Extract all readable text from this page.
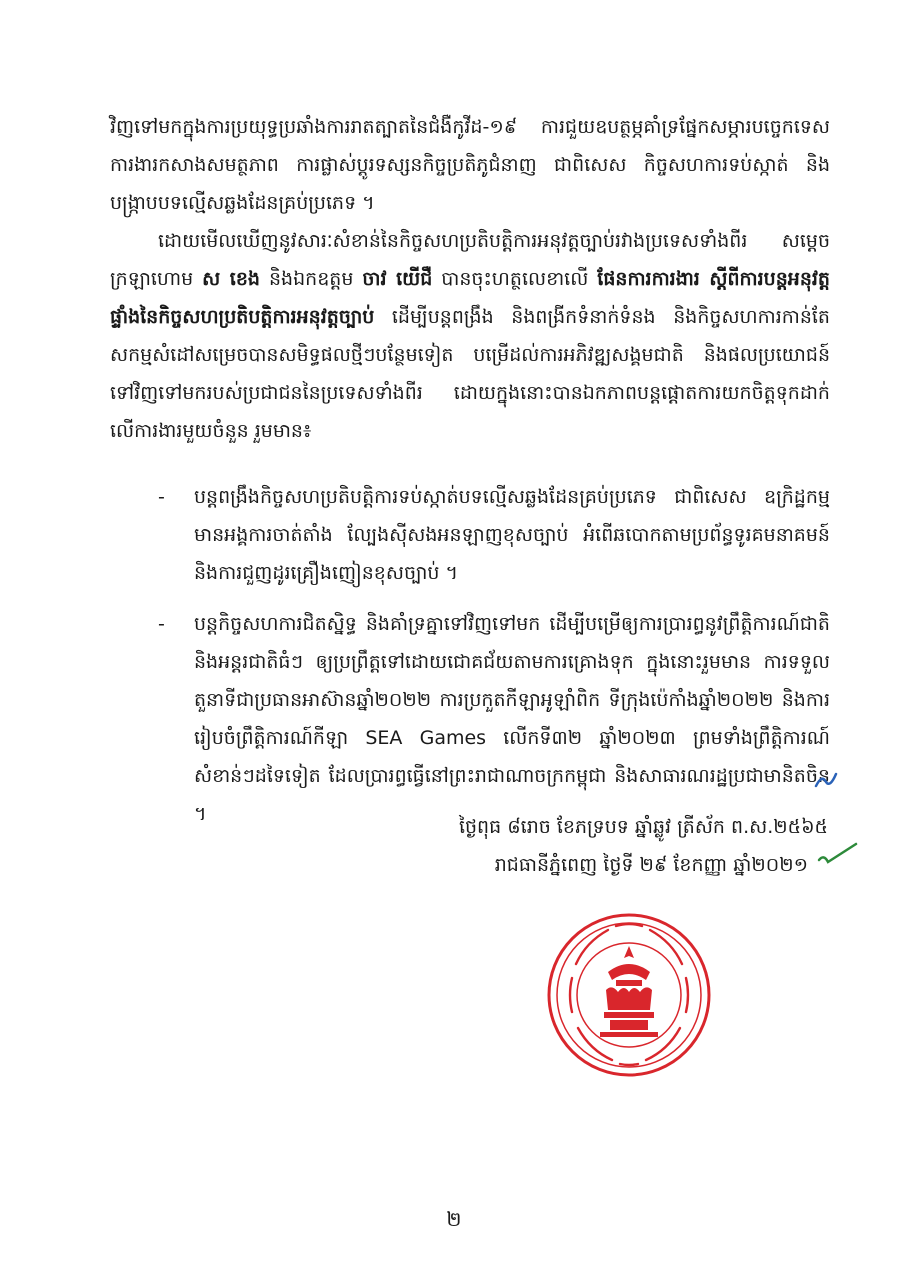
វិញទៅមកក្នុងការប្រយុទ្ធប្រឆាំងការរាតត្បាតនៃជំងឺកូវីដ-១៩ ការជួយឧបត្ថម្ភគាំទ្រផ្នែកសម្ភារបច្ចេកទេស ការងារកសាងសមត្ថភាព ការផ្លាស់ប្តូរទស្សនកិច្ចប្រតិភូជំនាញ ជាពិសេស កិច្ចសហការទប់ស្កាត់ និងបង្ក្រាបបទល្មើសឆ្លងដែនគ្រប់ប្រភេទ ។

ដោយមើលឃើញនូវសារៈសំខាន់នៃកិច្ចសហប្រតិបត្តិការអនុវត្តច្បាប់រវាងប្រទេសទាំងពីរ សម្តេចក្រឡាហោម ស ខេង និងឯកឧត្តម ចាវ យើជឺ បានចុះហត្ថលេខាលើ ផែនការការងារ ស្តីពីការបន្តអនុវត្តផ្ទាំងនៃកិច្ចសហប្រតិបត្តិការអនុវត្តច្បាប់ ដើម្បីបន្តពង្រឹង និងពង្រីកទំនាក់ទំនង និងកិច្ចសហការកាន់តែសកម្មសំដៅសម្រេចបានសមិទ្ធផលថ្មីៗបន្ថែមទៀត បម្រើដល់ការអភិវឌ្ឍសង្គមជាតិ និងផលប្រយោជន៍ទៅវិញទៅមករបស់ប្រជាជននៃប្រទេសទាំងពីរ ដោយក្នុងនោះបានឯកភាពបន្តផ្តោតការយកចិត្តទុកដាក់លើការងារមួយចំនួន រួមមាន៖

-	បន្តពង្រឹងកិច្ចសហប្រតិបត្តិការទប់ស្កាត់បទល្មើសឆ្លងដែនគ្រប់ប្រភេទ ជាពិសេស ឧក្រិដ្ឋកម្មមានអង្គការចាត់តាំង ល្បែងស៊ីសងអនឡាញខុសច្បាប់ អំពើឆបោកតាមប្រព័ន្ធទូរគមនាគមន៍ និងការជួញដូរគ្រឿងញៀនខុសច្បាប់ ។
-	បន្តកិច្ចសហការជិតស្និទ្ធ និងគាំទ្រគ្នាទៅវិញទៅមក ដើម្បីបម្រើឲ្យការប្រារព្ធនូវព្រឹត្តិការណ៍ជាតិ និងអន្តរជាតិធំៗ ឲ្យប្រព្រឹត្តទៅដោយជោគជ័យតាមការគ្រោងទុក ក្នុងនោះរួមមាន ការទទួលតួនាទីជាប្រធានអាស៊ានឆ្នាំ២០២២ ការប្រកួតកីឡាអូឡាំពិក ទីក្រុងប៉េកាំងឆ្នាំ២០២២ និងការរៀបចំព្រឹត្តិការណ៍កីឡា SEA Games លើកទី៣២ ឆ្នាំ២០២៣ ព្រមទាំងព្រឹត្តិការណ៍សំខាន់ៗដទៃទៀត ដែលប្រារព្ធធ្វើនៅព្រះរាជាណាចក្រកម្ពុជា និងសាធារណរដ្ឋប្រជាមានិតចិន ។
ថ្ងៃពុធ ៨រោច ខែភទ្របទ ឆ្នាំឆ្លូវ ត្រីស័ក ព.ស.២៥៦៥
រាជធានីភ្នំពេញ ថ្ងៃទី ២៩ ខែកញ្ញា ឆ្នាំ២០២១
២
